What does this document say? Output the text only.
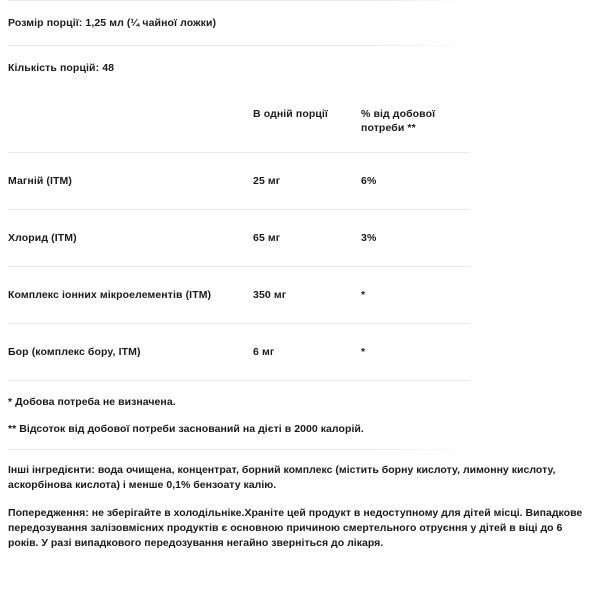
Розмір порції: 1,25 мл (¼ чайної ложки)
Кількість порцій: 48
	В одній порції	% від добової потреби **
Магній (ІТМ)	25 мг	6%
Хлорид (ІТМ)	65 мг	3%
Комплекс іонних мікроелементів (ІТМ)	350 мг	*
Бор (комплекс бору, ІТМ)	6 мг	*

* Добова потреба не визначена.

** Відсоток від добової потреби заснований на дієті в 2000 калорій.

Інші інгредієнти: вода очищена, концентрат, борний комплекс (містить борну кислоту, лимонну кислоту, аскорбінова кислота) і менше 0,1% бензоату калію.

Попередження: не зберігайте в холодільніке.Храніте цей продукт в недоступному для дітей місці. Випадкове передозування залізовмісних продуктів є основною причиною смертельного отруєння у дітей в віці до 6 років. У разі випадкового передозування негайно зверніться до лікаря.
